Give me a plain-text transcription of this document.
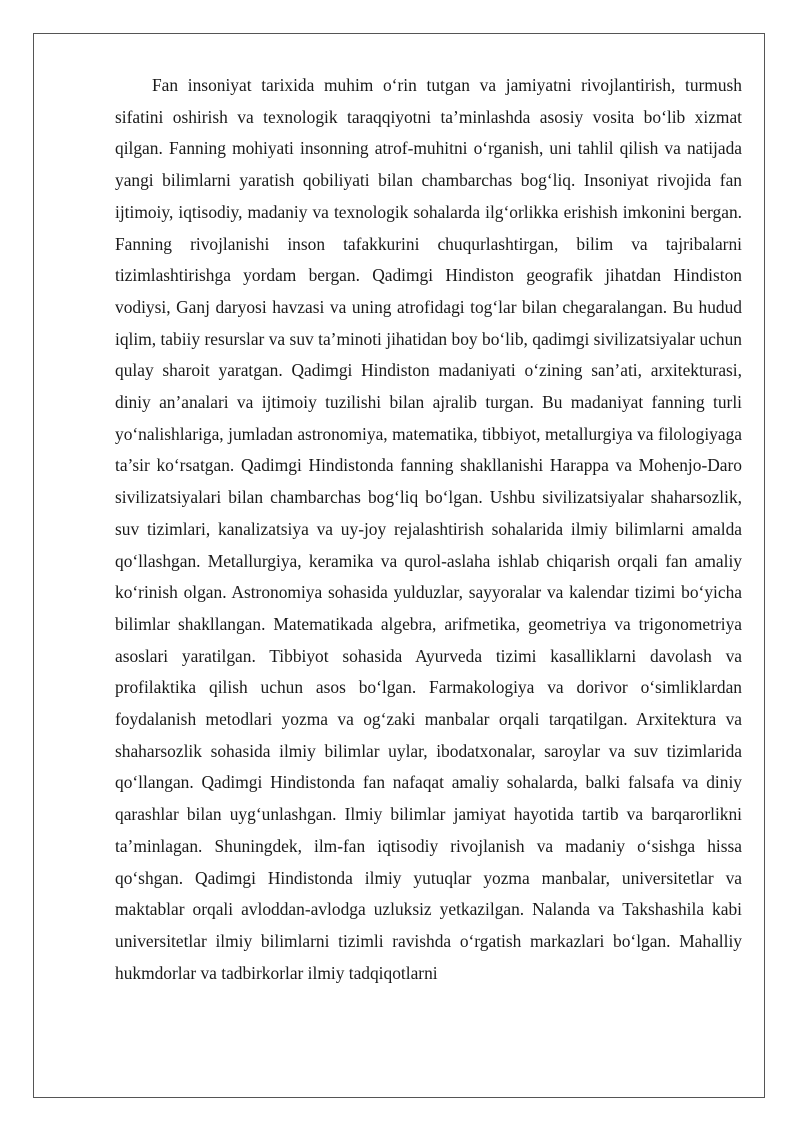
Fan insoniyat tarixida muhim o‘rin tutgan va jamiyatni rivojlantirish, turmush sifatini oshirish va texnologik taraqqiyotni ta’minlashda asosiy vosita bo‘lib xizmat qilgan. Fanning mohiyati insonning atrof-muhitni o‘rganish, uni tahlil qilish va natijada yangi bilimlarni yaratish qobiliyati bilan chambarchas bog‘liq. Insoniyat rivojida fan ijtimoiy, iqtisodiy, madaniy va texnologik sohalarda ilg‘orlikka erishish imkonini bergan. Fanning rivojlanishi inson tafakkurini chuqurlashtirgan, bilim va tajribalarni tizimlashtirishga yordam bergan. Qadimgi Hindiston geografik jihatdan Hindiston vodiysi, Ganj daryosi havzasi va uning atrofidagi tog‘lar bilan chegaralangan. Bu hudud iqlim, tabiiy resurslar va suv ta’minoti jihatidan boy bo‘lib, qadimgi sivilizatsiyalar uchun qulay sharoit yaratgan. Qadimgi Hindiston madaniyati o‘zining san’ati, arxitekturasi, diniy an’analari va ijtimoiy tuzilishi bilan ajralib turgan. Bu madaniyat fanning turli yo‘nalishlariga, jumladan astronomiya, matematika, tibbiyot, metallurgiya va filologiyaga ta’sir ko‘rsatgan. Qadimgi Hindistonda fanning shakllanishi Harappa va Mohenjo-Daro sivilizatsiyalari bilan chambarchas bog‘liq bo‘lgan. Ushbu sivilizatsiyalar shaharsozlik, suv tizimlari, kanalizatsiya va uy-joy rejalashtirish sohalarida ilmiy bilimlarni amalda qo‘llashgan. Metallurgiya, keramika va qurol-aslaha ishlab chiqarish orqali fan amaliy ko‘rinish olgan. Astronomiya sohasida yulduzlar, sayyoralar va kalendar tizimi bo‘yicha bilimlar shakllangan. Matematikada algebra, arifmetika, geometriya va trigonometriya asoslari yaratilgan. Tibbiyot sohasida Ayurveda tizimi kasalliklarni davolash va profilaktika qilish uchun asos bo‘lgan. Farmakologiya va dorivor o‘simliklardan foydalanish metodlari yozma va og‘zaki manbalar orqali tarqatilgan. Arxitektura va shaharsozlik sohasida ilmiy bilimlar uylar, ibodatxonalar, saroylar va suv tizimlarida qo‘llangan. Qadimgi Hindistonda fan nafaqat amaliy sohalarda, balki falsafa va diniy qarashlar bilan uyg‘unlashgan. Ilmiy bilimlar jamiyat hayotida tartib va barqarorlikni ta’minlagan. Shuningdek, ilm-fan iqtisodiy rivojlanish va madaniy o‘sishga hissa qo‘shgan. Qadimgi Hindistonda ilmiy yutuqlar yozma manbalar, universitetlar va maktablar orqali avloddan-avlodga uzluksiz yetkazilgan. Nalanda va Takshashila kabi universitetlar ilmiy bilimlarni tizimli ravishda o‘rgatish markazlari bo‘lgan. Mahalliy hukmdorlar va tadbirkorlar ilmiy tadqiqotlarni
